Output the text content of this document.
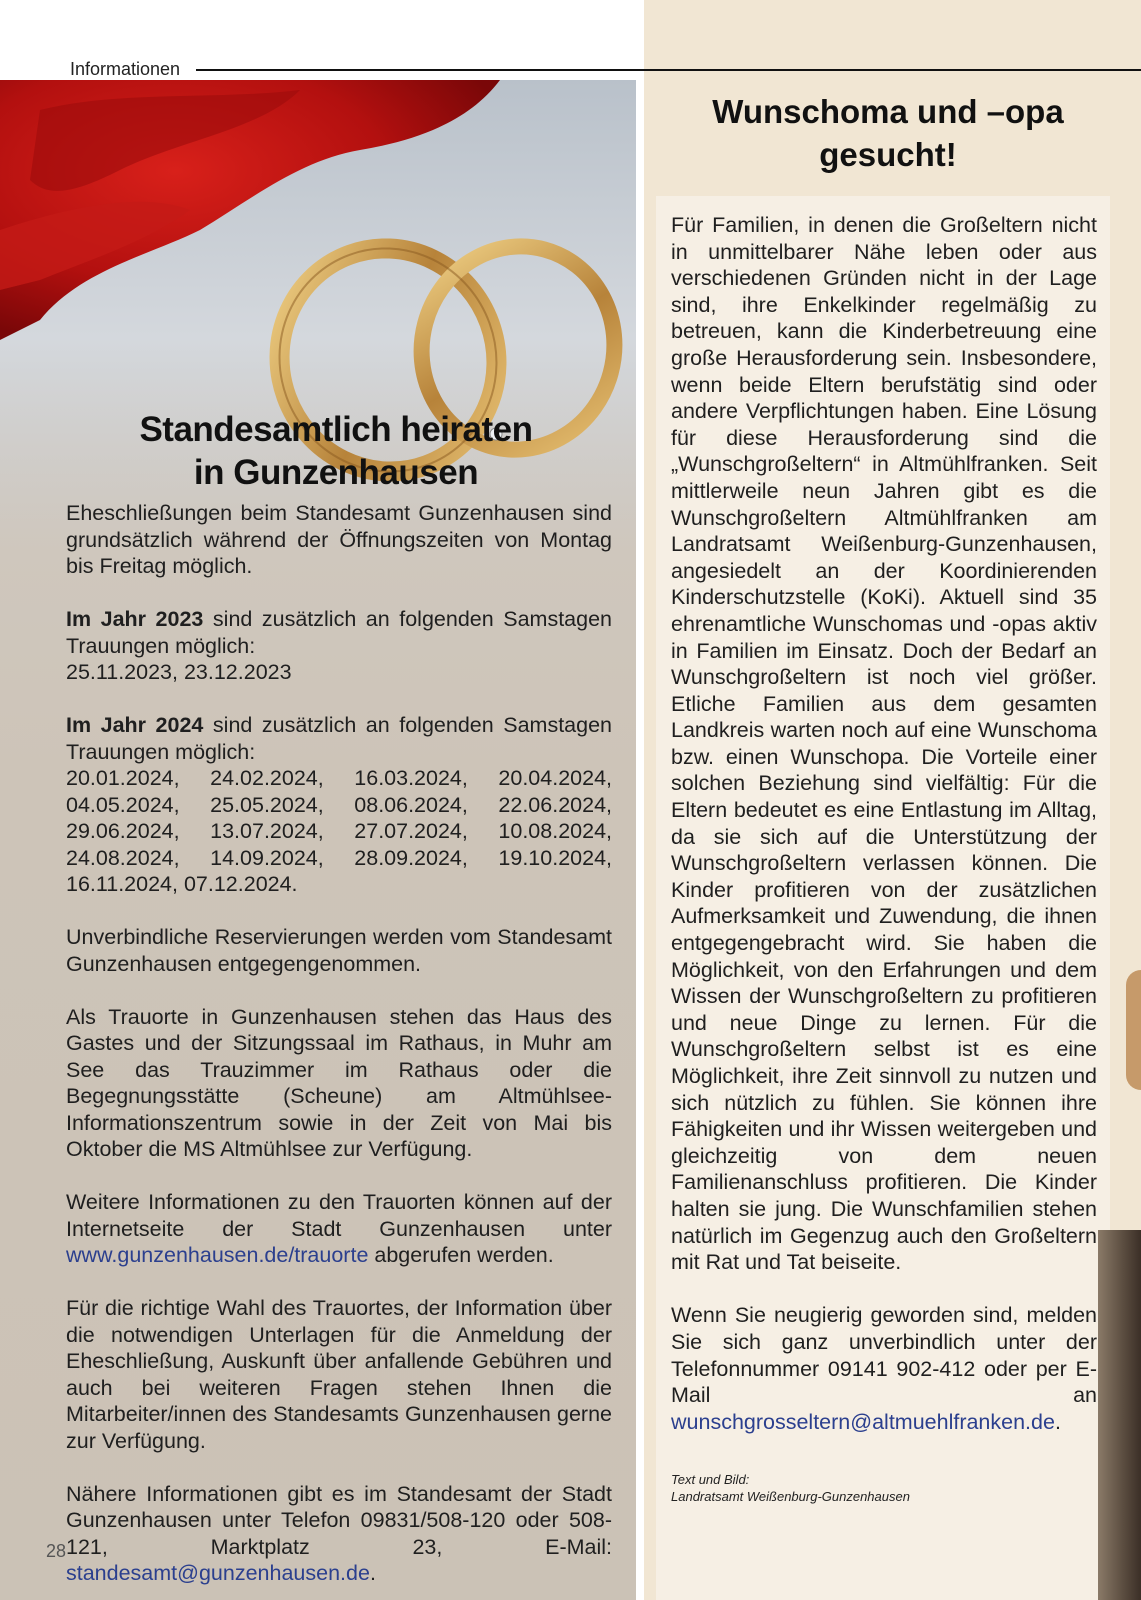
Informationen
Standesamtlich heiraten
in Gunzenhausen

Eheschließungen beim Standesamt Gunzenhausen sind grundsätzlich während der Öffnungszeiten von Montag bis Freitag möglich.

Im Jahr 2023 sind zusätzlich an folgenden Samstagen Trauungen möglich:

25.11.2023, 23.12.2023

Im Jahr 2024 sind zusätzlich an folgenden Samstagen Trauungen möglich:

20.01.2024, 24.02.2024, 16.03.2024, 20.04.2024, 04.05.2024, 25.05.2024, 08.06.2024, 22.06.2024, 29.06.2024, 13.07.2024, 27.07.2024, 10.08.2024, 24.08.2024, 14.09.2024, 28.09.2024, 19.10.2024, 16.11.2024, 07.12.2024.

Unverbindliche Reservierungen werden vom Standesamt Gunzenhausen entgegengenommen.

Als Trauorte in Gunzenhausen stehen das Haus des Gastes und der Sitzungssaal im Rathaus, in Muhr am See das Trauzimmer im Rathaus oder die Begegnungsstätte (Scheune) am Altmühlsee-Informationszentrum sowie in der Zeit von Mai bis Oktober die MS Altmühlsee zur Verfügung.

Weitere Informationen zu den Trauorten können auf der Internetseite der Stadt Gunzenhausen unter www.gunzenhausen.de/trauorte abgerufen werden.

Für die richtige Wahl des Trauortes, der Information über die notwendigen Unterlagen für die Anmeldung der Eheschließung, Auskunft über anfallende Gebühren und auch bei weiteren Fragen stehen Ihnen die Mitarbeiter/innen des Standesamts Gunzenhausen gerne zur Verfügung.

Nähere Informationen gibt es im Standesamt der Stadt Gunzenhausen unter Telefon 09831/508-120 oder 508-121, Marktplatz 23, E-Mail: standesamt@gunzenhausen.de.

28
Wunschoma und –opa
gesucht!

Für Familien, in denen die Großeltern nicht in unmittelbarer Nähe leben oder aus verschiedenen Gründen nicht in der Lage sind, ihre Enkelkinder regelmäßig zu betreuen, kann die Kinderbetreuung eine große Herausforderung sein. Insbesondere, wenn beide Eltern berufstätig sind oder andere Verpflichtungen haben. Eine Lösung für diese Herausforderung sind die „Wunschgroßeltern“ in Altmühlfranken. Seit mittlerweile neun Jahren gibt es die Wunschgroßeltern Altmühlfranken am Landratsamt Weißenburg-Gunzenhausen, angesiedelt an der Koordinierenden Kinderschutzstelle (KoKi). Aktuell sind 35 ehrenamtliche Wunschomas und -opas aktiv in Familien im Einsatz. Doch der Bedarf an Wunschgroßeltern ist noch viel größer. Etliche Familien aus dem gesamten Landkreis warten noch auf eine Wunschoma bzw. einen Wunschopa. Die Vorteile einer solchen Beziehung sind vielfältig: Für die Eltern bedeutet es eine Entlastung im Alltag, da sie sich auf die Unterstützung der Wunschgroßeltern verlassen können. Die Kinder profitieren von der zusätzlichen Aufmerksamkeit und Zuwendung, die ihnen entgegengebracht wird. Sie haben die Möglichkeit, von den Erfahrungen und dem Wissen der Wunschgroßeltern zu profitieren und neue Dinge zu lernen. Für die Wunschgroßeltern selbst ist es eine Möglichkeit, ihre Zeit sinnvoll zu nutzen und sich nützlich zu fühlen. Sie können ihre Fähigkeiten und ihr Wissen weitergeben und gleichzeitig von dem neuen Familienanschluss profitieren. Die Kinder halten sie jung. Die Wunschfamilien stehen natürlich im Gegenzug auch den Großeltern mit Rat und Tat beiseite.

Wenn Sie neugierig geworden sind, melden Sie sich ganz unverbindlich unter der Telefonnummer 09141 902-412 oder per E-Mail an wunschgrosseltern@altmuehlfranken.de.

Text und Bild:
Landratsamt Weißenburg-Gunzenhausen
